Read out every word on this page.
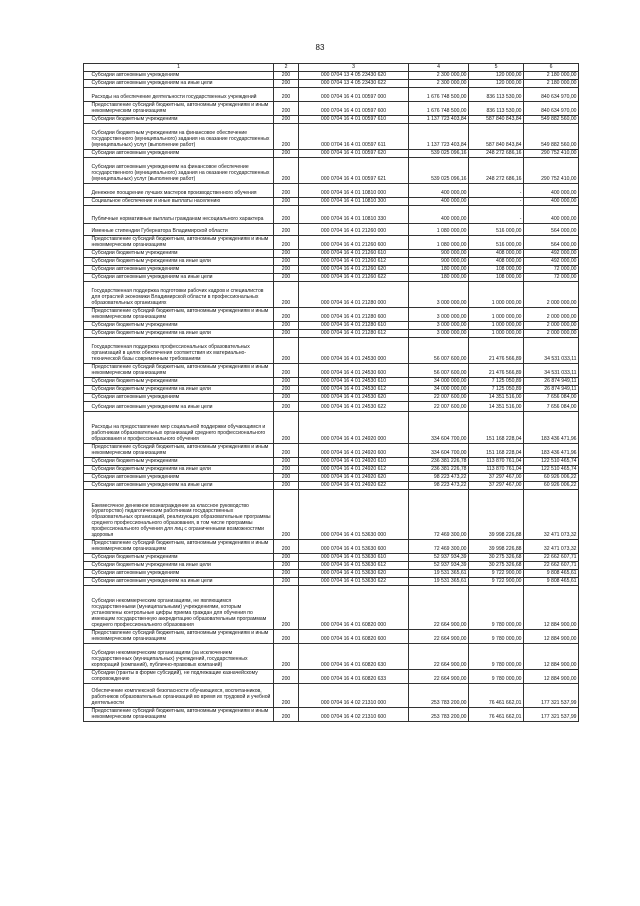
83
1	2	3	4	5	6

Субсидии автономным учреждениям	200	000 0704 13 4 05 23430 620	2 300 000,00	120 000,00	2 180 000,00

Субсидии автономным учреждениям на иные цели	200	000 0704 13 4 05 23430 622	2 300 000,00	120 000,00	2 180 000,00

Расходы на обеспечение деятельности государственных учреждений	200	000 0704 16 4 01 00597 000	1 676 748 500,00	836 113 530,00	840 634 970,00

Предоставление субсидий бюджетным, автономным учреждениям и иным некоммерческим организациям	200	000 0704 16 4 01 00597 600	1 676 748 500,00	836 113 530,00	840 634 970,00

Субсидии бюджетным учреждениям	200	000 0704 16 4 01 00597 610	1 137 723 403,84	587 840 843,84	549 882 560,00

Субсидии бюджетным учреждениям на финансовое обеспечение государственного (муниципального) задания на оказание государственных (муниципальных) услуг (выполнение работ)	200	000 0704 16 4 01 00597 611	1 137 723 403,84	587 840 843,84	549 882 560,00

Субсидии автономным учреждениям	200	000 0704 16 4 01 00597 620	539 025 096,16	248 272 686,16	290 752 410,00

Субсидии автономным учреждениям на финансовое обеспечение государственного (муниципального) задания на оказание государственных (муниципальных) услуг (выполнение работ)	200	000 0704 16 4 01 00597 621	539 025 096,16	248 272 686,16	290 752 410,00

Денежное поощрение лучших мастеров производственного обучения	200	000 0704 16 4 01 10810 000	400 000,00	-	400 000,00

Социальное обеспечение и иные выплаты населению	200	000 0704 16 4 01 10810 300	400 000,00	-	400 000,00

Публичные нормативные выплаты гражданам несоциального характера	200	000 0704 16 4 01 10810 330	400 000,00	-	400 000,00

Именные стипендии Губернатора Владимирской области	200	000 0704 16 4 01 21260 000	1 080 000,00	516 000,00	564 000,00

Предоставление субсидий бюджетным, автономным учреждениям и иным некоммерческим организациям	200	000 0704 16 4 01 21260 600	1 080 000,00	516 000,00	564 000,00

Субсидии бюджетным учреждениям	200	000 0704 16 4 01 21260 610	900 000,00	408 000,00	492 000,00

Субсидии бюджетным учреждениям на иные цели	200	000 0704 16 4 01 21260 612	900 000,00	408 000,00	492 000,00

Субсидии автономным учреждениям	200	000 0704 16 4 01 21260 620	180 000,00	108 000,00	72 000,00

Субсидии автономным учреждениям на иные цели	200	000 0704 16 4 01 21260 622	180 000,00	108 000,00	72 000,00

Государственная поддержка подготовки рабочих кадров и специалистов для отраслей экономики Владимирской области в профессиональных образовательных организациях	200	000 0704 16 4 01 21280 000	3 000 000,00	1 000 000,00	2 000 000,00

Предоставление субсидий бюджетным, автономным учреждениям и иным некоммерческим организациям	200	000 0704 16 4 01 21280 600	3 000 000,00	1 000 000,00	2 000 000,00

Субсидии бюджетным учреждениям	200	000 0704 16 4 01 21280 610	3 000 000,00	1 000 000,00	2 000 000,00

Субсидии бюджетным учреждениям на иные цели	200	000 0704 16 4 01 21280 612	3 000 000,00	1 000 000,00	2 000 000,00

Государственная поддержка профессиональных образовательных организаций в целях обеспечения соответствия их материально-технической базы современным требованиям	200	000 0704 16 4 01 24530 000	56 007 600,00	21 476 566,89	34 531 033,11

Предоставление субсидий бюджетным, автономным учреждениям и иным некоммерческим организациям	200	000 0704 16 4 01 24530 600	56 007 600,00	21 476 566,89	34 531 033,11

Субсидии бюджетным учреждениям	200	000 0704 16 4 01 24530 610	34 000 000,00	7 125 050,89	26 874 949,11

Субсидии бюджетным учреждениям на иные цели	200	000 0704 16 4 01 24530 612	34 000 000,00	7 125 050,89	26 874 949,11

Субсидии автономным учреждениям	200	000 0704 16 4 01 24530 620	22 007 600,00	14 351 516,00	7 656 084,00

Субсидии автономным учреждениям на иные цели	200	000 0704 16 4 01 24530 622	22 007 600,00	14 351 516,00	7 656 084,00

Расходы на предоставление мер социальной поддержки обучающимся и работникам образовательных организаций среднего профессионального образования и профессионального обучения	200	000 0704 16 4 01 24920 000	334 604 700,00	151 168 228,04	183 436 471,96

Предоставление субсидий бюджетным, автономным учреждениям и иным некоммерческим организациям	200	000 0704 16 4 01 24920 600	334 604 700,00	151 168 228,04	183 436 471,96

Субсидии бюджетным учреждениям	200	000 0704 16 4 01 24920 610	236 381 226,78	113 870 761,04	122 510 465,74

Субсидии бюджетным учреждениям на иные цели	200	000 0704 16 4 01 24920 612	236 381 226,78	113 870 761,04	122 510 465,74

Субсидии автономным учреждениям	200	000 0704 16 4 01 24920 620	98 223 473,22	37 297 467,00	60 926 006,22

Субсидии автономным учреждениям на иные цели	200	000 0704 16 4 01 24920 622	98 223 473,22	37 297 467,00	60 926 006,22

Ежемесячное денежное вознаграждение за классное руководство (кураторство) педагогическим работникам государственных образовательных организаций, реализующих образовательные программы среднего профессионального образования, в том числе программы профессионального обучения для лиц с ограниченными возможностями здоровья	200	000 0704 16 4 01 53630 000	72 469 300,00	39 998 226,88	32 471 073,32

Предоставление субсидий бюджетным, автономным учреждениям и иным некоммерческим организациям	200	000 0704 16 4 01 53630 600	72 469 300,00	39 998 226,88	32 471 073,32

Субсидии бюджетным учреждениям	200	000 0704 16 4 01 53630 610	52 937 934,39	30 275 326,68	22 662 607,71

Субсидии бюджетным учреждениям на иные цели	200	000 0704 16 4 01 53630 612	52 937 934,39	30 275 326,68	22 662 607,71

Субсидии автономным учреждениям	200	000 0704 16 4 01 53630 620	19 531 365,61	9 722 900,00	9 808 465,61

Субсидии автономным учреждениям на иные цели	200	000 0704 16 4 01 53630 622	19 531 365,61	9 722 900,00	9 808 465,61

Субсидии некоммерческим организациям, не являющимся государственными (муниципальными) учреждениями, которым установлены контрольные цифры приема граждан для обучения по имеющим государственную аккредитацию образовательным программам среднего профессионального образования	200	000 0704 16 4 01 60820 000	22 664 900,00	9 780 000,00	12 884 900,00

Предоставление субсидий бюджетным, автономным учреждениям и иным некоммерческим организациям	200	000 0704 16 4 01 60820 600	22 664 900,00	9 780 000,00	12 884 900,00

Субсидии некоммерческим организациям (за исключением государственных (муниципальных) учреждений, государственных корпораций (компаний), публично-правовых компаний)	200	000 0704 16 4 01 60820 630	22 664 900,00	9 780 000,00	12 884 900,00

Субсидии (гранты в форме субсидий), не подлежащие казначейскому сопровождению	200	000 0704 16 4 01 60820 633	22 664 900,00	9 780 000,00	12 884 900,00

Обеспечение комплексной безопасности обучающихся, воспитанников, работников образовательных организаций во время их трудовой и учебной деятельности	200	000 0704 16 4 02 21310 000	253 783 200,00	76 461 662,01	177 321 537,99

Предоставление субсидий бюджетным, автономным учреждениям и иным некоммерческим организациям	200	000 0704 16 4 02 21310 600	253 783 200,00	76 461 662,01	177 321 537,99
